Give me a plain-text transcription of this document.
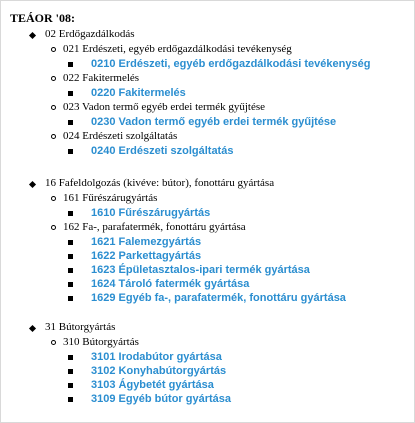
TEÁOR '08:
02 Erdőgazdálkodás
021 Erdészeti, egyéb erdőgazdálkodási tevékenység
0210 Erdészeti, egyéb erdőgazdálkodási tevékenység
022 Fakitermelés
0220 Fakitermelés
023 Vadon termő egyéb erdei termék gyűjtése
0230 Vadon termő egyéb erdei termék gyűjtése
024 Erdészeti szolgáltatás
0240 Erdészeti szolgáltatás
16 Fafeldolgozás (kivéve: bútor), fonottáru gyártása
161 Fűrészárugyártás
1610 Fűrészárugyártás
162 Fa-, parafatermék, fonottáru gyártása
1621 Falemezgyártás
1622 Parkettagyártás
1623 Épületasztalos-ipari termék gyártása
1624 Tároló fatermék gyártása
1629 Egyéb fa-, parafatermék, fonottáru gyártása
31 Bútorgyártás
310 Bútorgyártás
3101 Irodabútor gyártása
3102 Konyhabútorgyártás
3103 Ágybetét gyártása
3109 Egyéb bútor gyártása
